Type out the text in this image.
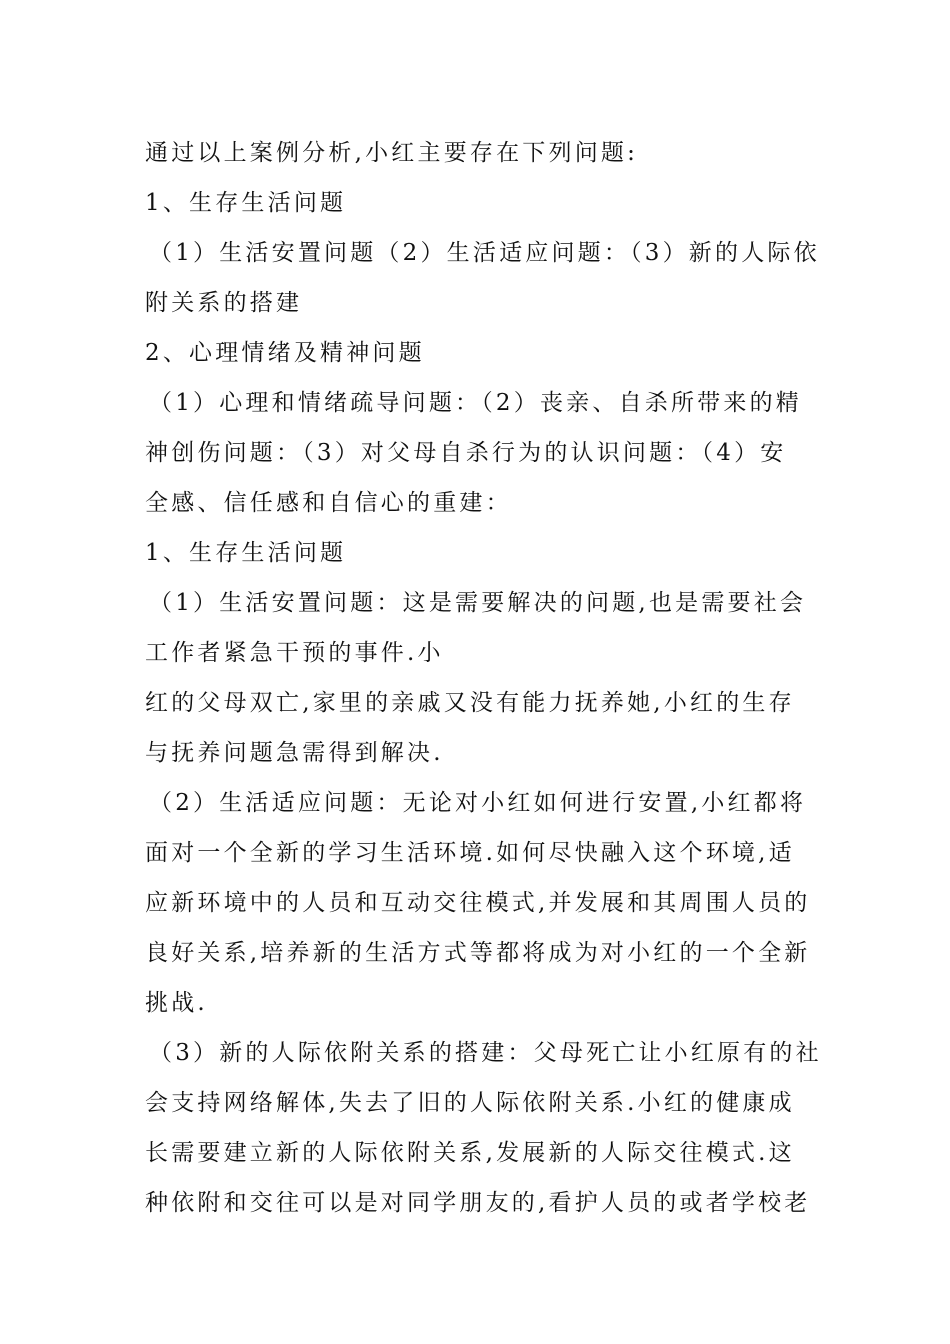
通过以上案例分析,小红主要存在下列问题:
1、生存生活问题
（1）生活安置问题（2）生活适应问题：（3）新的人际依
附关系的搭建
2、心理情绪及精神问题
（1）心理和情绪疏导问题：（2）丧亲、自杀所带来的精
神创伤问题：（3）对父母自杀行为的认识问题：（4）安
全感、信任感和自信心的重建：
1、生存生活问题
（1）生活安置问题：这是需要解决的问题,也是需要社会
工作者紧急干预的事件.小
红的父母双亡,家里的亲戚又没有能力抚养她,小红的生存
与抚养问题急需得到解决.
（2）生活适应问题：无论对小红如何进行安置,小红都将
面对一个全新的学习生活环境.如何尽快融入这个环境,适
应新环境中的人员和互动交往模式,并发展和其周围人员的
良好关系,培养新的生活方式等都将成为对小红的一个全新
挑战.
（3）新的人际依附关系的搭建：父母死亡让小红原有的社
会支持网络解体,失去了旧的人际依附关系.小红的健康成
长需要建立新的人际依附关系,发展新的人际交往模式.这
种依附和交往可以是对同学朋友的,看护人员的或者学校老
